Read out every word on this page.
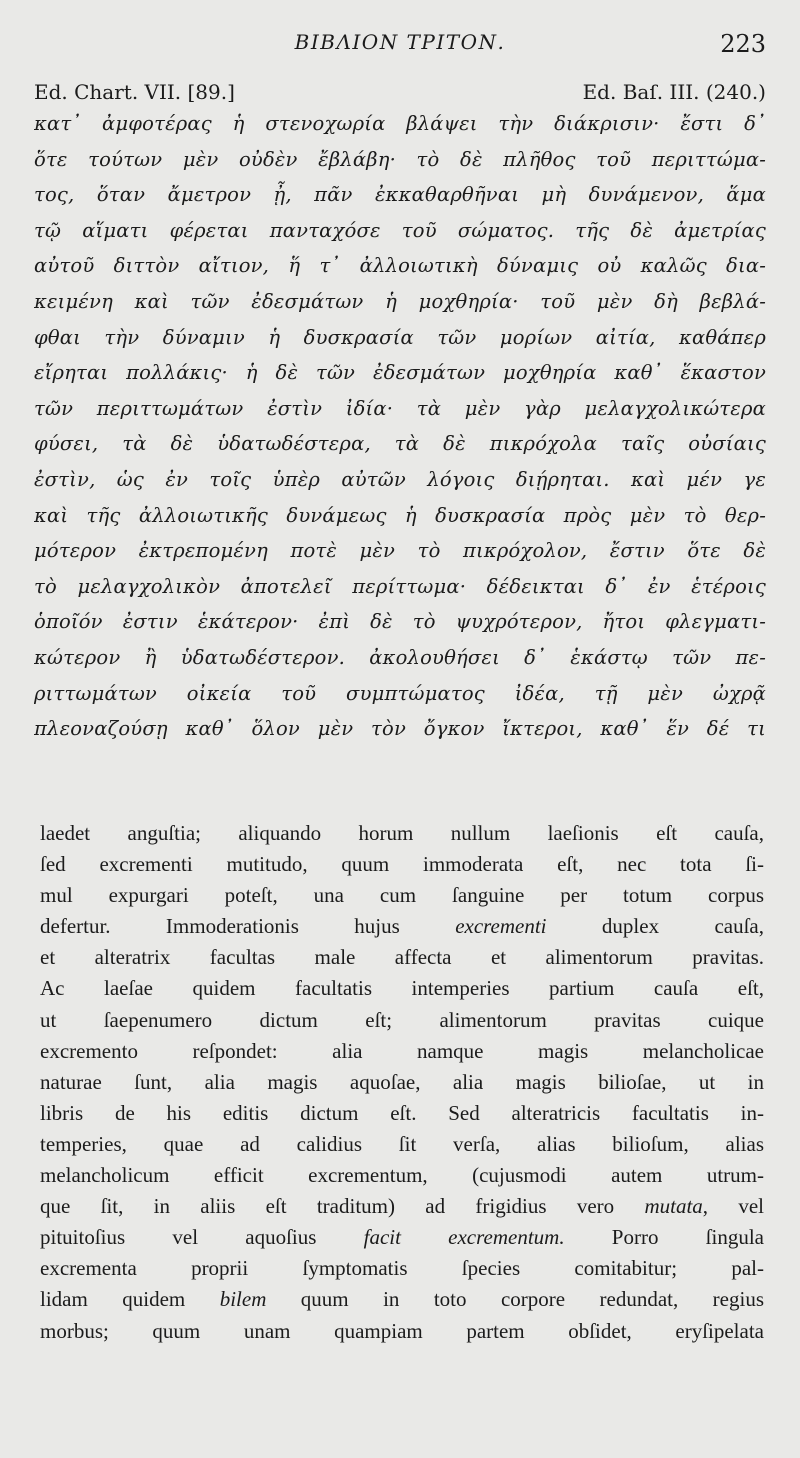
ΒΙΒΛΙΟΝ ΤΡΙΤΟΝ.	223
Ed. Chart. VII. [89.]	Ed. Baſ. III. (240.)
κατ᾽ ἀμφοτέρας ἡ στενοχωρία βλάψει τὴν διάκρισιν· ἔστι δ᾽
ὅτε τούτων μὲν οὐδὲν ἔβλάβη· τὸ δὲ πλῆθος τοῦ περιττώμα-
τος, ὅταν ἄμετρον ᾖ, πᾶν ἐκκαθαρθῆναι μὴ δυνάμενον, ἅμα
τῷ αἵματι φέρεται πανταχόσε τοῦ σώματος. τῆς δὲ ἀμετρίας
αὐτοῦ διττὸν αἴτιον, ἥ τ᾽ ἀλλοιωτικὴ δύναμις οὐ καλῶς δια-
κειμένη καὶ τῶν ἐδεσμάτων ἡ μοχθηρία· τοῦ μὲν δὴ βεβλά-
φθαι τὴν δύναμιν ἡ δυσκρασία τῶν μορίων αἰτία, καθάπερ
εἴρηται πολλάκις· ἡ δὲ τῶν ἐδεσμάτων μοχθηρία καθ᾽ ἕκαστον
τῶν περιττωμάτων ἐστὶν ἰδία· τὰ μὲν γὰρ μελαγχολικώτερα
φύσει, τὰ δὲ ὑδατωδέστερα, τὰ δὲ πικρόχολα ταῖς οὐσίαις
ἐστὶν, ὡς ἐν τοῖς ὑπὲρ αὐτῶν λόγοις διῄρηται. καὶ μέν γε
καὶ τῆς ἀλλοιωτικῆς δυνάμεως ἡ δυσκρασία πρὸς μὲν τὸ θερ-
μότερον ἐκτρεπομένη ποτὲ μὲν τὸ πικρόχολον, ἔστιν ὅτε δὲ
τὸ μελαγχολικὸν ἀποτελεῖ περίττωμα· δέδεικται δ᾽ ἐν ἑτέροις
ὁποῖόν ἐστιν ἑκάτερον· ἐπὶ δὲ τὸ ψυχρότερον, ἤτοι φλεγματι-
κώτερον ἢ ὑδατωδέστερον. ἀκολουθήσει δ᾽ ἑκάστῳ τῶν πε-
ριττωμάτων οἰκεία τοῦ συμπτώματος ἰδέα, τῇ μὲν ὠχρᾷ
πλεοναζούσῃ καθ᾽ ὅλον μὲν τὸν ὄγκον ἴκτεροι, καθ᾽ ἕν δέ τι
laedet anguſtia; aliquando horum nullum laeſionis eſt cauſa,
ſed excrementi mutitudo, quum immoderata eſt, nec tota ſi-
mul expurgari poteſt, una cum ſanguine per totum corpus
defertur. Immoderationis hujus excrementi duplex cauſa,
et alteratrix facultas male affecta et alimentorum pravitas.
Ac laeſae quidem facultatis intemperies partium cauſa eſt,
ut ſaepenumero dictum eſt; alimentorum pravitas cuique
excremento reſpondet: alia namque magis melancholicae
naturae ſunt, alia magis aquoſae, alia magis bilioſae, ut in
libris de his editis dictum eſt. Sed alteratricis facultatis in-
temperies, quae ad calidius ſit verſa, alias bilioſum, alias
melancholicum efficit excrementum, (cujusmodi autem utrum-
que ſit, in aliis eſt traditum) ad frigidius vero mutata, vel
pituitoſius vel aquoſius facit excrementum. Porro ſingula
excrementa proprii ſymptomatis ſpecies comitabitur; pal-
lidam quidem bilem quum in toto corpore redundat, regius
morbus; quum unam quampiam partem obſidet, eryſipelata
